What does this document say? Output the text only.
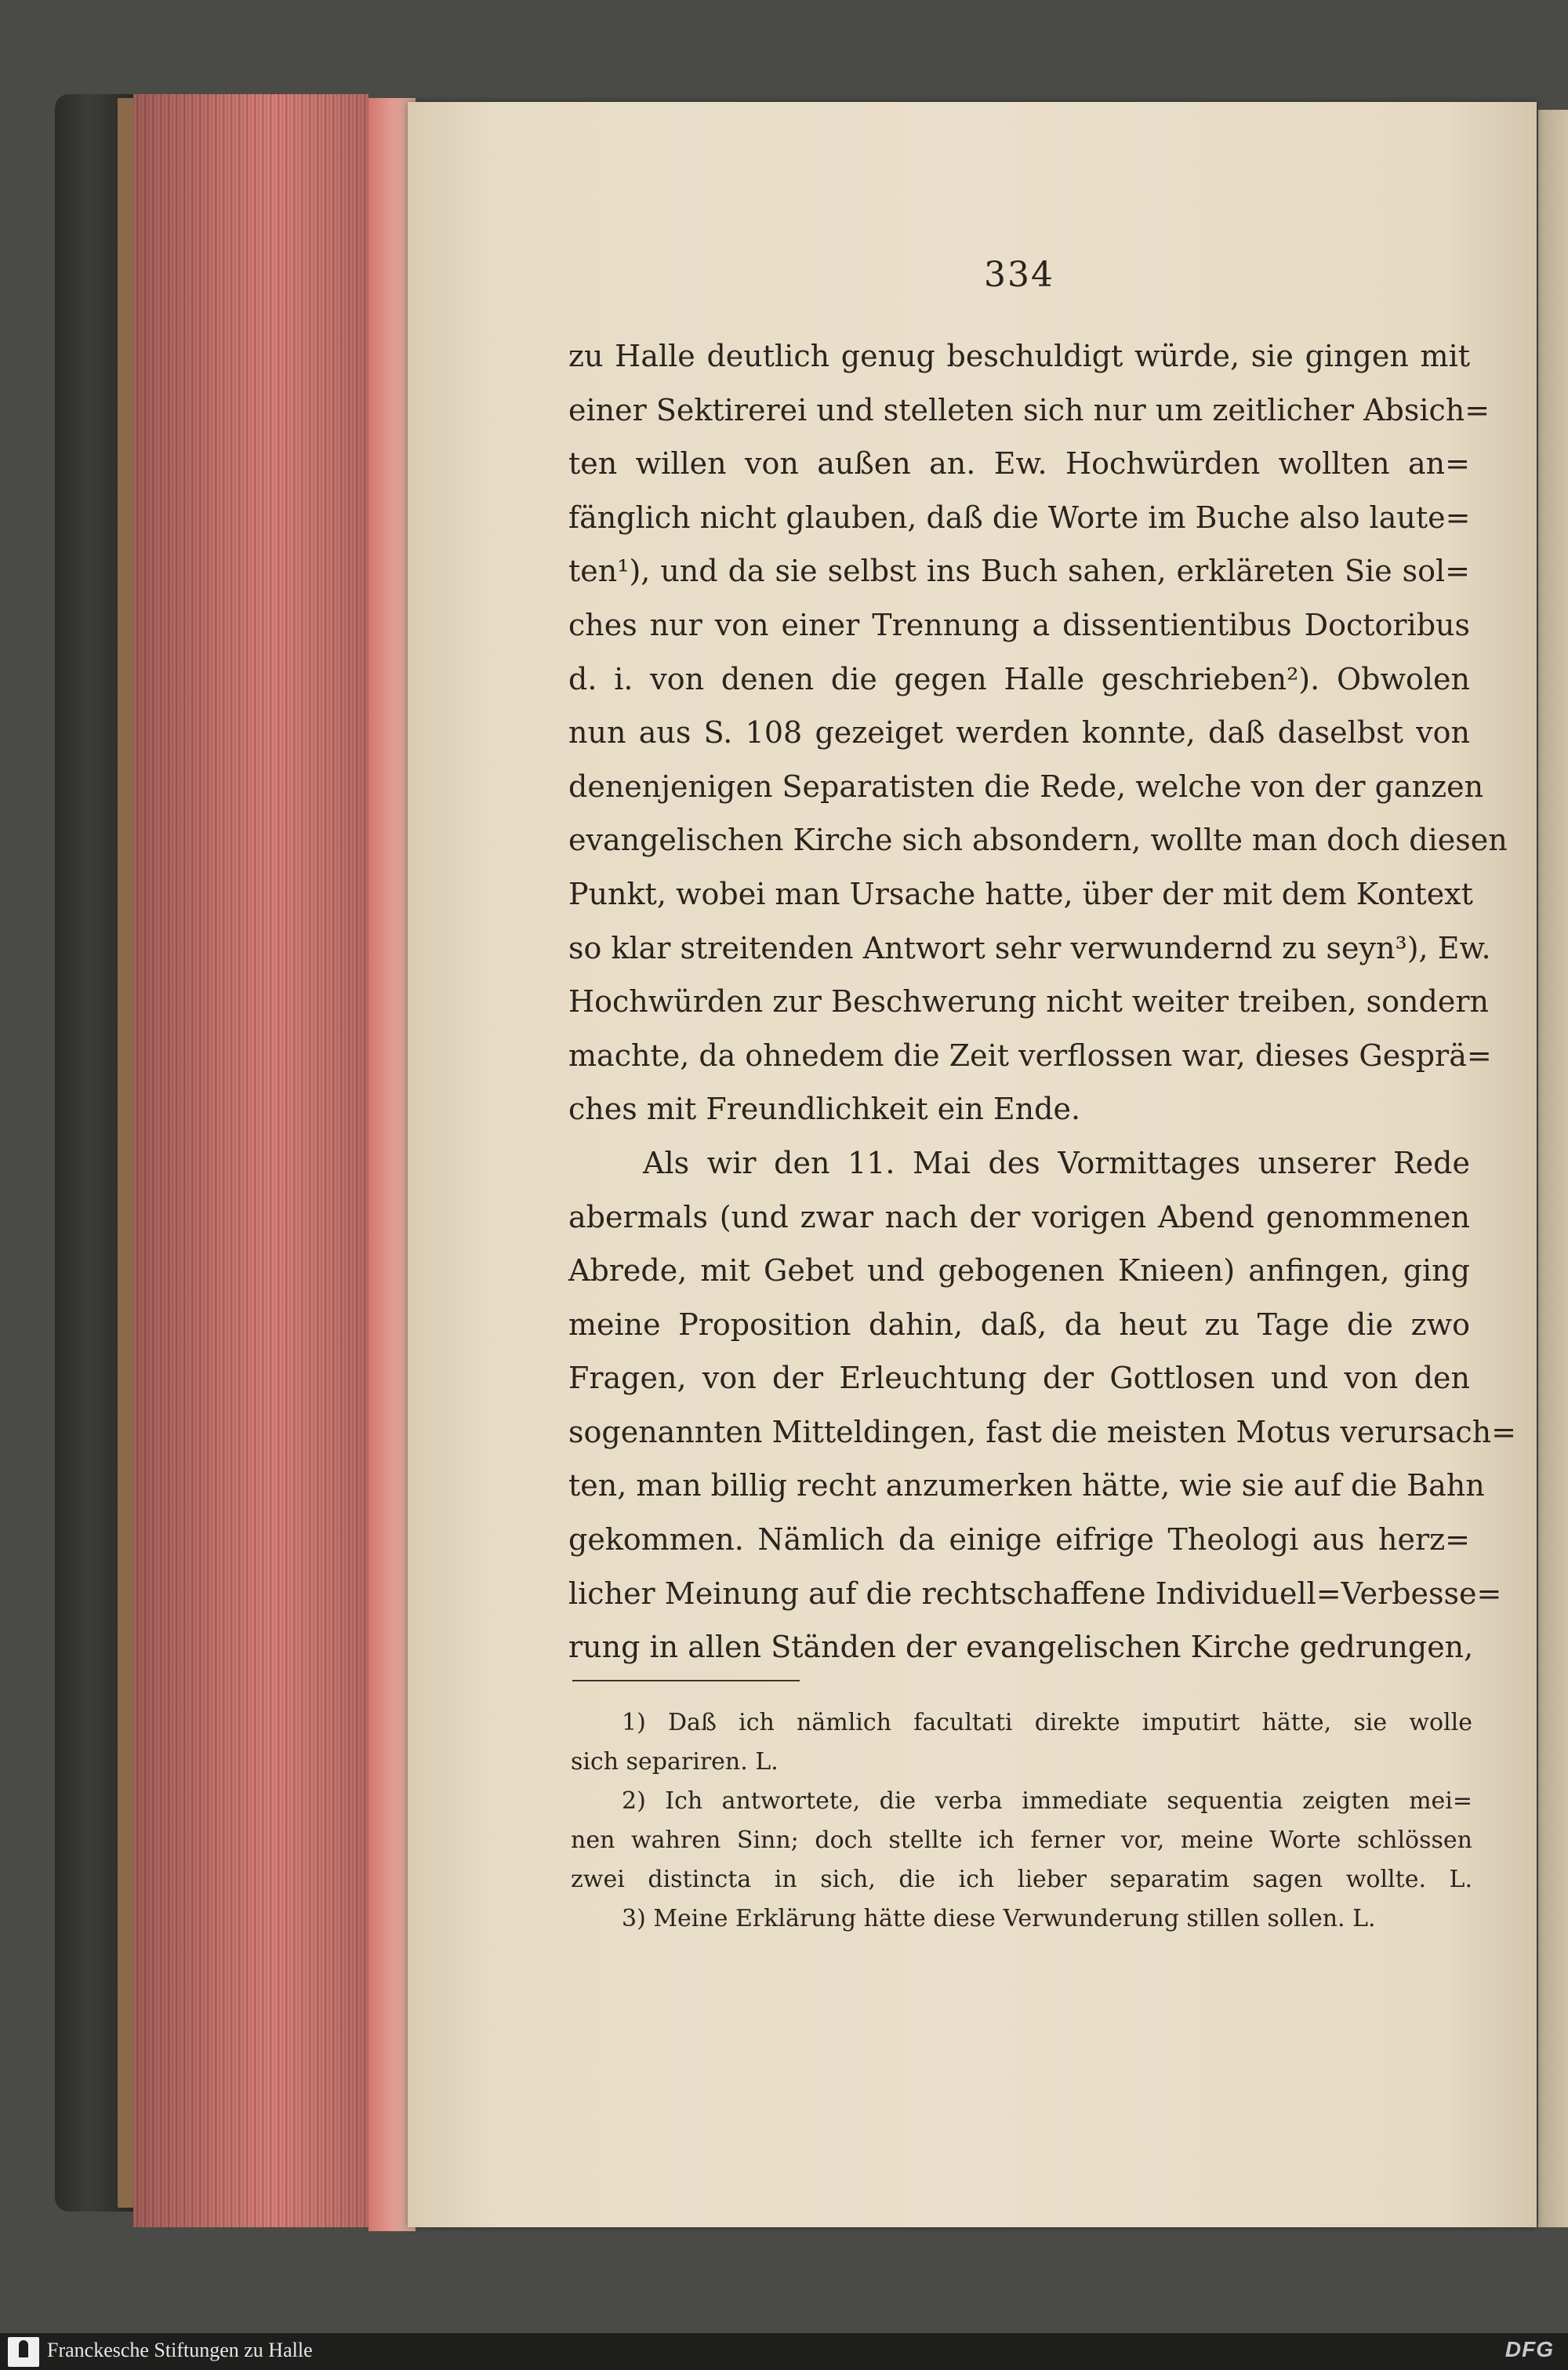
334
zu Halle deutlich genug beschuldigt würde, sie gingen mit
einer Sektirerei und stelleten sich nur um zeitlicher Absich=
ten willen von außen an. Ew. Hochwürden wollten an=
fänglich nicht glauben, daß die Worte im Buche also laute=
ten¹), und da sie selbst ins Buch sahen, erkläreten Sie sol=
ches nur von einer Trennung a dissentientibus Doctoribus
d. i. von denen die gegen Halle geschrieben²). Obwolen
nun aus S. 108 gezeiget werden konnte, daß daselbst von
denenjenigen Separatisten die Rede, welche von der ganzen
evangelischen Kirche sich absondern, wollte man doch diesen
Punkt, wobei man Ursache hatte, über der mit dem Kontext
so klar streitenden Antwort sehr verwundernd zu seyn³), Ew.
Hochwürden zur Beschwerung nicht weiter treiben, sondern
machte, da ohnedem die Zeit verflossen war, dieses Gesprä=
ches mit Freundlichkeit ein Ende.
Als wir den 11. Mai des Vormittages unserer Rede
abermals (und zwar nach der vorigen Abend genommenen
Abrede, mit Gebet und gebogenen Knieen) anfingen, ging
meine Proposition dahin, daß, da heut zu Tage die zwo
Fragen, von der Erleuchtung der Gottlosen und von den
sogenannten Mitteldingen, fast die meisten Motus verursach=
ten, man billig recht anzumerken hätte, wie sie auf die Bahn
gekommen. Nämlich da einige eifrige Theologi aus herz=
licher Meinung auf die rechtschaffene Individuell=Verbesse=
rung in allen Ständen der evangelischen Kirche gedrungen,
1) Daß ich nämlich facultati direkte imputirt hätte, sie wolle
sich separiren. L.
2) Ich antwortete, die verba immediate sequentia zeigten mei=
nen wahren Sinn; doch stellte ich ferner vor, meine Worte schlössen
zwei distincta in sich, die ich lieber separatim sagen wollte. L.
3) Meine Erklärung hätte diese Verwunderung stillen sollen. L.
Franckesche Stiftungen zu Halle	DFG
